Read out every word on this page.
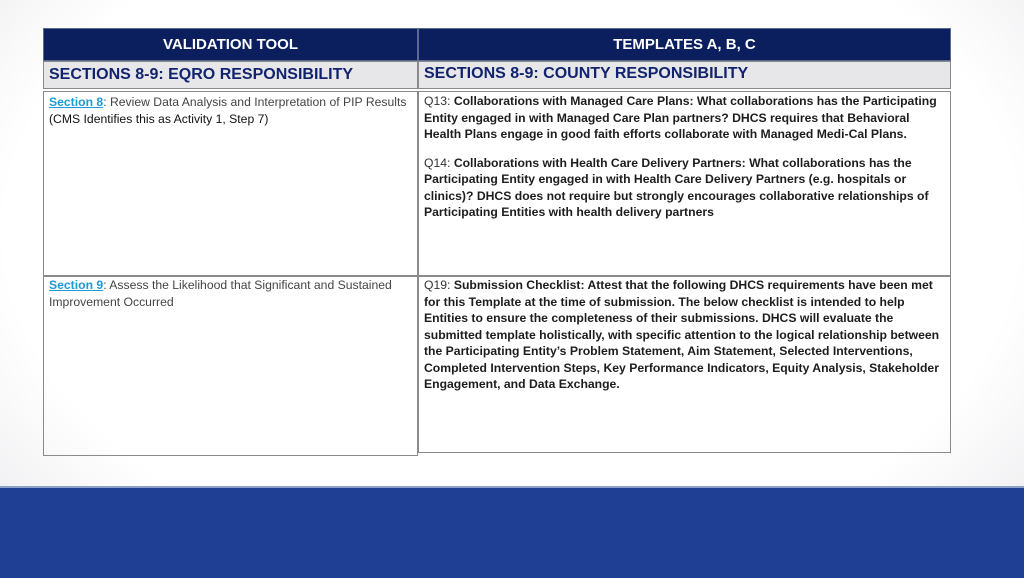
VALIDATION TOOL	TEMPLATES A, B, C
SECTIONS 8-9: EQRO RESPONSIBILITY	SECTIONS 8-9: COUNTY RESPONSIBILITY

Section 8: Review Data Analysis and Interpretation of PIP Results (CMS Identifies this as Activity 1, Step 7)

Q13: Collaborations with Managed Care Plans: What collaborations has the Participating Entity engaged in with Managed Care Plan partners? DHCS requires that Behavioral Health Plans engage in good faith efforts collaborate with Managed Medi-Cal Plans.

Q14: Collaborations with Health Care Delivery Partners: What collaborations has the Participating Entity engaged in with Health Care Delivery Partners (e.g. hospitals or clinics)? DHCS does not require but strongly encourages collaborative relationships of Participating Entities with health delivery partners

Section 9: Assess the Likelihood that Significant and Sustained Improvement Occurred

Q19: Submission Checklist: Attest that the following DHCS requirements have been met for this Template at the time of submission. The below checklist is intended to help Entities to ensure the completeness of their submissions. DHCS will evaluate the submitted template holistically, with specific attention to the logical relationship between the Participating Entity’s Problem Statement, Aim Statement, Selected Interventions, Completed Intervention Steps, Key Performance Indicators, Equity Analysis, Stakeholder Engagement, and Data Exchange.
